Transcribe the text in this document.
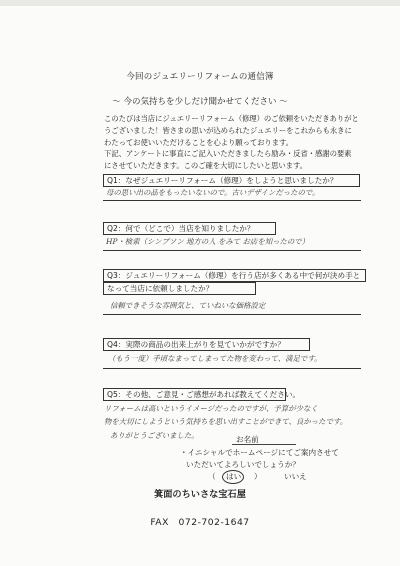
今回のジュエリーリフォームの通信簿
〜 今の気持ちを少しだけ聞かせてください 〜
このたびは当店にジュエリーリフォーム（修理）のご依頼をいただきありがと
うございました！皆さまの思いが込められたジュエリーをこれからも永きに
わたってお使いいただけることを心より願っております。
下記、アンケートに事直にご記入いただきましたら励み・反省・感謝の要素
にさせていただきます。このご確を大切にしたいと思います。
Q1：なぜジュエリーリフォーム（修理）をしようと思いましたか？
母の思い出の品をもったいないので。古いデザインだったので。
Q2：何で（どこで）当店を知りましたか？
HP・検索（シンプソン 地方の人 をみて お店を知ったので）
Q3：ジュエリーリフォーム（修理）を行う店が多くある中で何が決め手と
なって当店に依頼しましたか？
信頼できそうな雰囲気と、ていねいな価格設定
Q4：実際の商品の出来上がりを見ていかがですか？
（もう一度）手頃なまってしまってた物を変わって、満足です。
Q5：その他、ご意見・ご感想があれば教えてください。
リフォームは高いというイメージだったのですが、予算が少なく
物を大切にしようという気持ちを思い出すことができて、良かったです。
ありがとうございました。	お名前
・イニシャルでホームページにてご案内させて
いただいてよろしいでしょうか？
（ はい ）	いいえ
箕面のちいさな宝石屋
FAX　072-702-1647
